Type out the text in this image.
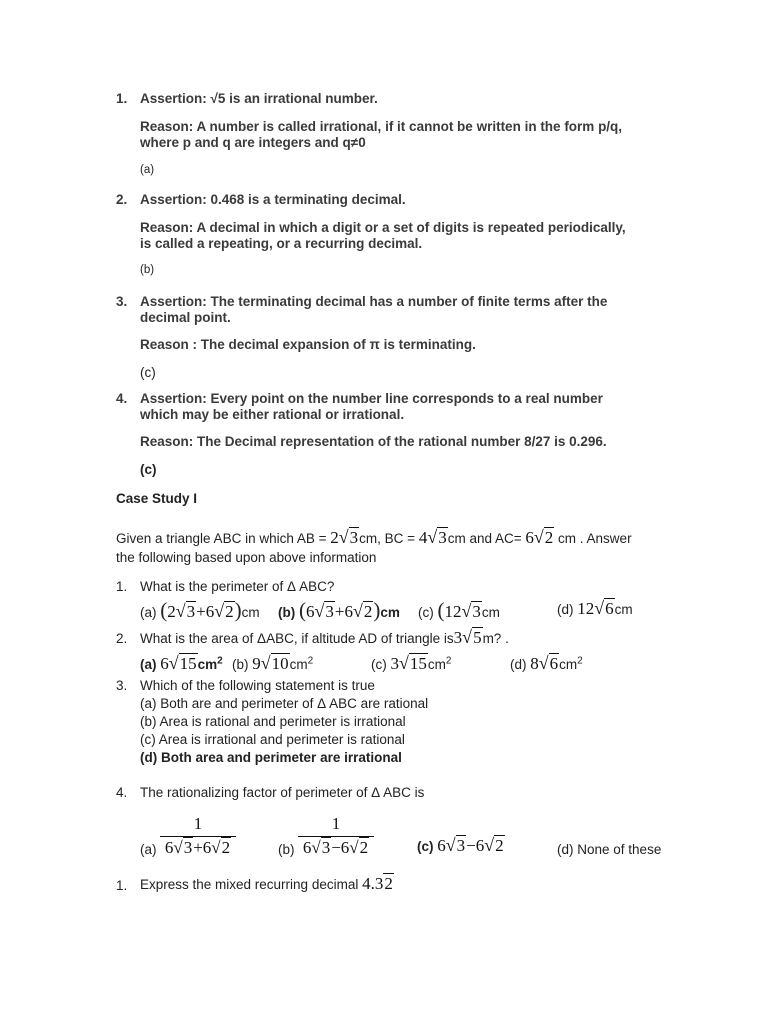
1. Assertion: √5 is an irrational number.
Reason: A number is called irrational, if it cannot be written in the form p/q,
where p and q are integers and q≠0
(a)
2. Assertion: 0.468 is a terminating decimal.
Reason: A decimal in which a digit or a set of digits is repeated periodically,
is called a repeating, or a recurring decimal.
(b)
3. Assertion: The terminating decimal has a number of finite terms after the
decimal point.
Reason : The decimal expansion of π is terminating.
(c)
4. Assertion: Every point on the number line corresponds to a real number
which may be either rational or irrational.
Reason: The Decimal representation of the rational number 8/27 is 0.296.
(c)
Case Study I
Given a triangle ABC in which AB = 2√3cm, BC = 4√3cm and AC= 6√2 cm . Answer
the following based upon above information
1. What is the perimeter of Δ ABC?
(a) (2√3+6√2)cm (b) (6√3+6√2)cm (c) (12√3cm	(d) 12√6cm
2. What is the area of ΔABC, if altitude AD of triangle is3√5m? .
(a) $6√15cm^2$ (b) $9√10cm^2$	(c) $3√15cm^2$	(d) $8√6cm^2$
3. Which of the following statement is true
(a) Both are and perimeter of Δ ABC are rational
(b) Area is rational and perimeter is irrational
(c) Area is irrational and perimeter is rational
(d) Both area and perimeter are irrational
4. The rationalizing factor of perimeter of Δ ABC is
(a)
1
6√3+6√2	(b)
1
6√3−6√2	(c) 6√3−6√2	(d) None of these
1. Express the mixed recurring decimal 4.32
